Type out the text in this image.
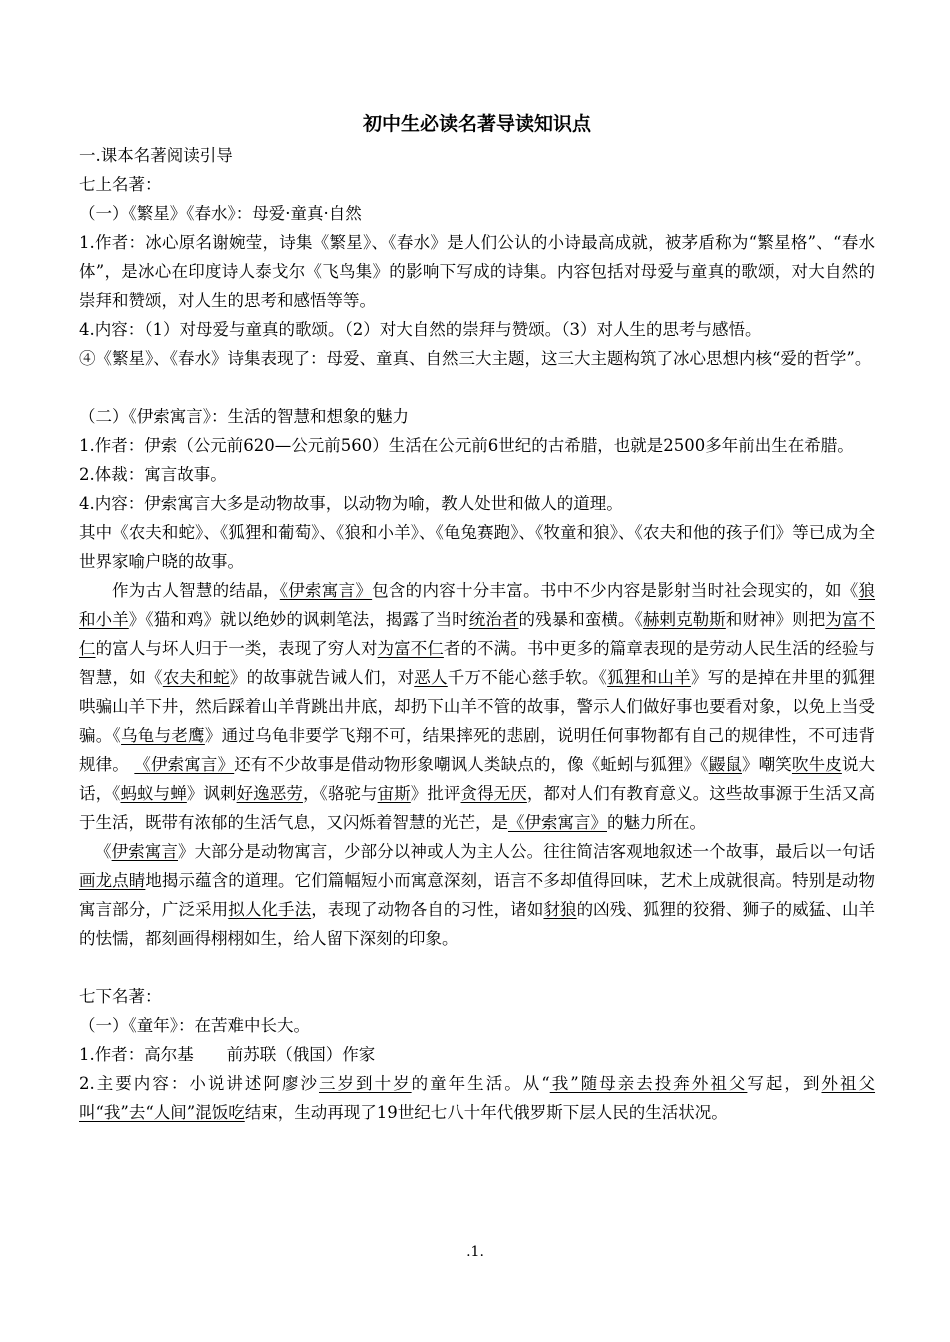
初中生必读名著导读知识点
一.课本名著阅读引导
七上名著：
（一）《繁星》《春水》：母爱·童真·自然
1.作者：冰心原名谢婉莹，诗集《繁星》、《春水》是人们公认的小诗最高成就，被茅盾称为“繁星格”、“春水体”，是冰心在印度诗人泰戈尔《飞鸟集》的影响下写成的诗集。内容包括对母爱与童真的歌颂，对大自然的崇拜和赞颂，对人生的思考和感悟等等。
4.内容：（1）对母爱与童真的歌颂。（2）对大自然的崇拜与赞颂。（3）对人生的思考与感悟。
④《繁星》、《春水》诗集表现了：母爱、童真、自然三大主题，这三大主题构筑了冰心思想内核“爱的哲学”。
（二）《伊索寓言》：生活的智慧和想象的魅力
1.作者：伊索（公元前620—公元前560）生活在公元前6世纪的古希腊，也就是2500多年前出生在希腊。
2.体裁：寓言故事。
4.内容：伊索寓言大多是动物故事，以动物为喻，教人处世和做人的道理。
其中《农夫和蛇》、《狐狸和葡萄》、《狼和小羊》、《龟兔赛跑》、《牧童和狼》、《农夫和他的孩子们》等已成为全世界家喻户晓的故事。
作为古人智慧的结晶，《伊索寓言》包含的内容十分丰富。书中不少内容是影射当时社会现实的，如《狼和小羊》《猫和鸡》就以绝妙的讽刺笔法，揭露了当时统治者的残暴和蛮横。《赫剌克勒斯和财神》则把为富不仁的富人与坏人归于一类，表现了穷人对为富不仁者的不满。书中更多的篇章表现的是劳动人民生活的经验与智慧，如《农夫和蛇》的故事就告诫人们，对恶人千万不能心慈手软。《狐狸和山羊》写的是掉在井里的狐狸哄骗山羊下井，然后踩着山羊背跳出井底，却扔下山羊不管的故事，警示人们做好事也要看对象，以免上当受骗。《乌龟与老鹰》通过乌龟非要学飞翔不可，结果摔死的悲剧，说明任何事物都有自己的规律性，不可违背规律。 《伊索寓言》还有不少故事是借动物形象嘲讽人类缺点的，像《蚯蚓与狐狸》《鼹鼠》嘲笑吹牛皮说大话，《蚂蚁与蝉》讽刺好逸恶劳，《骆驼与宙斯》批评贪得无厌，都对人们有教育意义。这些故事源于生活又高于生活，既带有浓郁的生活气息，又闪烁着智慧的光芒，是《伊索寓言》的魅力所在。
《伊索寓言》大部分是动物寓言，少部分以神或人为主人公。往往简洁客观地叙述一个故事，最后以一句话画龙点睛地揭示蕴含的道理。它们篇幅短小而寓意深刻，语言不多却值得回味，艺术上成就很高。特别是动物寓言部分，广泛采用拟人化手法，表现了动物各自的习性，诸如豺狼的凶残、狐狸的狡猾、狮子的威猛、山羊的怯懦，都刻画得栩栩如生，给人留下深刻的印象。
七下名著：
（一）《童年》：在苦难中长大。
1.作者：高尔基　　前苏联（俄国）作家
2.主要内容：小说讲述阿廖沙三岁到十岁的童年生活。从“我”随母亲去投奔外祖父写起，到外祖父叫“我”去“人间”混饭吃结束，生动再现了19世纪七八十年代俄罗斯下层人民的生活状况。
.1.
